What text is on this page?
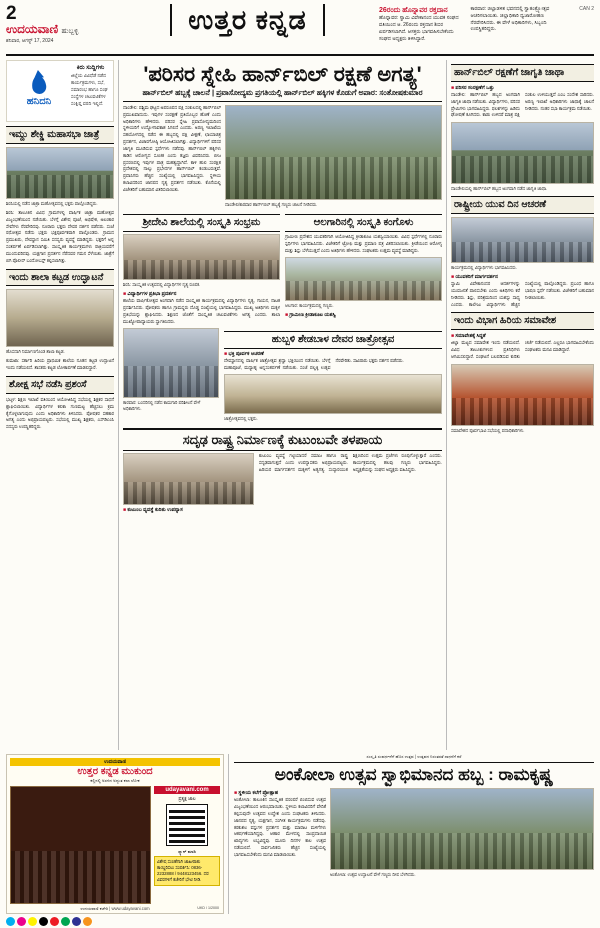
2
ಉದಯವಾಣಿ ಹುಬ್ಬಳ್ಳಿ
ಶನಿವಾರ, ಆಗಸ್ಟ್ 17, 2024
ಉತ್ತರ ಕನ್ನಡ	26ರಂದು ಹೊನ್ನಾವರ ರಕ್ತದಾನ
ಹೊನ್ನಾವರ: ಸ್ವಾಮಿ ವಿವೇಕಾನಂದ ಯುವಕ ಸಂಘದ ವತಿಯಿಂದ ಆ. 26ರಂದು ರಕ್ತದಾನ ಶಿಬಿರ ಏರ್ಪಡಿಸಲಾಗಿದೆ. ಆಸಕ್ತರು ಭಾಗವಹಿಸಬೇಕೆಂದು ಸಂಘದ ಅಧ್ಯಕ್ಷರು ತಿಳಿಸಿದ್ದಾರೆ.
ಕಾರವಾರ: ಜಿಲ್ಲಾಡಳಿತ ಭವನದಲ್ಲಿ ಸ್ವಾತಂತ್ರ್ಯೋತ್ಸವ ಆಚರಿಸಲಾಯಿತು. ಜಿಲ್ಲಾಧಿಕಾರಿ ಧ್ವಜಾರೋಹಣ ನೆರವೇರಿಸಿದರು. ಈ ವೇಳೆ ಅಧಿಕಾರಿಗಳು, ಸಿಬ್ಬಂದಿ ಉಪಸ್ಥಿತರಿದ್ದರು.
CAN 2
ಹನಿದನಿ
ಕಿರು ಸುದ್ದಿಗಳು
ಜಿಲ್ಲೆಯ ವಿವಿಧೆಡೆ ನಡೆದ ಕಾರ್ಯಕ್ರಮಗಳು, ಸಭೆ, ಸಮಾರಂಭ ಹಾಗೂ ಸಂಘ ಸಂಸ್ಥೆಗಳ ಚಟುವಟಿಕೆಗಳ ಸಂಕ್ಷಿಪ್ತ ವರದಿ ಇಲ್ಲಿದೆ.
ಇಮ್ದು ಶೇಕ್ಡಿ ಮಹಾಸಭಾ ಜಾತ್ರೆ
ಶಿರಸಿಯಲ್ಲಿ ನಡೆದ ಜಾತ್ರಾ ಮಹೋತ್ಸವದಲ್ಲಿ ಭಕ್ತರು ಪಾಲ್ಗೊಂಡಿದ್ದರು.
ಶಿರಸಿ: ತಾಲೂಕಿನ ವಿವಿಧ ಗ್ರಾಮಗಳಲ್ಲಿ ವಾರ್ಷಿಕ ಜಾತ್ರಾ ಮಹೋತ್ಸವ ವಿಜೃಂಭಣೆಯಿಂದ ನಡೆಯಿತು. ಬೆಳಗ್ಗೆ ವಿಶೇಷ ಪೂಜೆ, ಅಭಿಷೇಕ, ಅಲಂಕಾರ ಸೇವೆಗಳು ನೆರವೇರಿದವು. ನೂರಾರು ಭಕ್ತರು ದೇವರ ದರ್ಶನ ಪಡೆದರು. ಸಂಜೆ ರಥೋತ್ಸವ ನಡೆದು ಭಕ್ತರು ಭಕ್ತಿಪೂರ್ವಕವಾಗಿ ಪಾಲ್ಗೊಂಡರು. ಗ್ರಾಮದ ಪ್ರಮುಖರು, ದೇವಸ್ಥಾನ ಸಮಿತಿ ಸದಸ್ಯರು ವ್ಯವಸ್ಥೆ ಮಾಡಿದ್ದರು. ಭಕ್ತರಿಗೆ ಅನ್ನ ಸಂತರ್ಪಣೆ ಏರ್ಪಡಿಸಲಾಗಿತ್ತು. ಸಾಂಸ್ಕೃತಿಕ ಕಾರ್ಯಕ್ರಮಗಳು ರಾತ್ರಿಯವರೆಗೆ ಮುಂದುವರಿದವು. ಯಕ್ಷಗಾನ ಪ್ರದರ್ಶನ ನೆರೆದವರ ಗಮನ ಸೆಳೆಯಿತು. ಜಾತ್ರೆಗೆ ಬಿಗಿ ಪೊಲೀಸ್ ಬಂದೋಬಸ್ತ್ ಕಲ್ಪಿಸಲಾಗಿತ್ತು.
ಇಂದು ಶಾಲಾ ಕಟ್ಟಡ ಉದ್ಘಾಟನೆ
ಹೊಸದಾಗಿ ನಿರ್ಮಾಣಗೊಂಡ ಶಾಲಾ ಕಟ್ಟಡ.
ಕುಮಟಾ: ಸರ್ಕಾರಿ ಹಿರಿಯ ಪ್ರಾಥಮಿಕ ಶಾಲೆಯ ನೂತನ ಕಟ್ಟಡ ಉದ್ಘಾಟನೆ ಇಂದು ನಡೆಯಲಿದೆ. ಶಾಸಕರು ಕಟ್ಟಡ ಲೋಕಾರ್ಪಣೆ ಮಾಡಲಿದ್ದಾರೆ.
ಶೋಕ್ಷ ಸಭೆ ನಡೆಸಿ ಪ್ರಶಂಸೆ
ಭಟ್ಕಳ: ಶಿಕ್ಷಣ ಇಲಾಖೆ ವತಿಯಿಂದ ಆಯೋಜಿಸಿದ್ದ ಸಭೆಯಲ್ಲಿ ಶಿಕ್ಷಕರ ಸಾಧನೆ ಶ್ಲಾಘಿಸಲಾಯಿತು. ವಿದ್ಯಾರ್ಥಿಗಳ ಕಲಿಕಾ ಗುಣಮಟ್ಟ ಹೆಚ್ಚಿಸಲು ಕ್ರಮ ಕೈಗೊಳ್ಳಲಾಗುವುದು ಎಂದು ಅಧಿಕಾರಿಗಳು ತಿಳಿಸಿದರು. ಪೋಷಕರ ಸಹಕಾರ ಅಗತ್ಯ ಎಂದು ಅಭಿಪ್ರಾಯಪಟ್ಟರು. ಸಭೆಯಲ್ಲಿ ಮುಖ್ಯ ಶಿಕ್ಷಕರು, ಎಸ್‌ಡಿಎಂಸಿ ಸದಸ್ಯರು ಉಪಸ್ಥಿತರಿದ್ದರು.
'ಪರಿಸರ ಸ್ನೇಹಿ ಹಾರ್ನ್‌ಬಿಲ್ ರಕ್ಷಣೆ ಅಗತ್ಯ'
ಹಾರ್ನ್‌ಬಿಲ್ ಹಬ್ಬಕ್ಕೆ ಚಾಲನೆ | ಪ್ರವಾಸೋದ್ಯಮ ಪ್ರಗತಿಯಲ್ಲಿ ಹಾರ್ನ್‌ಬಿಲ್ ಹಕ್ಕಿಗಳ ಕೊಡುಗೆ ಅಪಾರ: ಸಂತೋಷಕುಮಾರ
ದಾಂಡೇಲಿ: ಪಶ್ಚಿಮ ಘಟ್ಟದ ಅಪರೂಪದ ಪಕ್ಷಿ ಸಂಕುಲದಲ್ಲಿ ಹಾರ್ನ್‌ಬಿಲ್ ಪ್ರಮುಖವಾದುದು. ಇವುಗಳ ಸಂರಕ್ಷಣೆ ಪ್ರತಿಯೊಬ್ಬರ ಹೊಣೆ ಎಂದು ಅಧಿಕಾರಿಗಳು ಹೇಳಿದರು. ಪರಿಸರ ಸ್ನೇಹಿ ಪ್ರವಾಸೋದ್ಯಮದಿಂದ ಸ್ಥಳೀಯರಿಗೆ ಉದ್ಯೋಗಾವಕಾಶ ಸಿಗಲಿದೆ ಎಂದರು. ಅರಣ್ಯ ಇಲಾಖೆಯ ಸಹಯೋಗದಲ್ಲಿ ನಡೆದ ಈ ಹಬ್ಬದಲ್ಲಿ ಪಕ್ಷಿ ವೀಕ್ಷಣೆ, ಛಾಯಾಚಿತ್ರ ಪ್ರದರ್ಶನ, ವಿಚಾರಗೋಷ್ಠಿ ಆಯೋಜಿಸಲಾಗಿತ್ತು. ವಿದ್ಯಾರ್ಥಿಗಳಿಗೆ ಪರಿಸರ ಜಾಗೃತಿ ಮೂಡಿಸುವ ಸ್ಪರ್ಧೆಗಳು ನಡೆದವು. ಹಾರ್ನ್‌ಬಿಲ್ ಹಕ್ಕಿಗಳು ಕಾಡಿನ ಆರೋಗ್ಯದ ಸೂಚಕ ಎಂದು ತಜ್ಞರು ವಿವರಿಸಿದರು. ಬೀಜ ಪ್ರಸರಣದಲ್ಲಿ ಇವುಗಳ ಪಾತ್ರ ಮಹತ್ವದ್ದಾಗಿದೆ. ಕಾಳಿ ಹುಲಿ ಸಂರಕ್ಷಿತ ಪ್ರದೇಶದಲ್ಲಿ ನಾಲ್ಕು ಪ್ರಭೇದಗಳ ಹಾರ್ನ್‌ಬಿಲ್ ಕಂಡುಬರುತ್ತವೆ. ಪ್ರವಾಸಿಗರು ಹೆಚ್ಚಿನ ಸಂಖ್ಯೆಯಲ್ಲಿ ಭಾಗವಹಿಸಿದ್ದರು. ಸ್ಥಳೀಯ ಕಲಾವಿದರಿಂದ ಜಾನಪದ ನೃತ್ಯ ಪ್ರದರ್ಶನ ನಡೆಯಿತು. ಕೊನೆಯಲ್ಲಿ ವಿಜೇತರಿಗೆ ಬಹುಮಾನ ವಿತರಿಸಲಾಯಿತು.
ದಾಂಡೇಲಿ/ಕಾರವಾರ ಹಾರ್ನ್‌ಬಿಲ್ ಹಬ್ಬಕ್ಕೆ ಗಣ್ಯರು ಚಾಲನೆ ನೀಡಿದರು.
ಶ್ರೀದೇವಿ ಶಾಲೆಯಲ್ಲಿ ಸಂಸ್ಕೃತಿ ಸಂಭ್ರಮ
ಶಿರಸಿ: ಸಾಂಸ್ಕೃತಿಕ ಉತ್ಸವದಲ್ಲಿ ವಿದ್ಯಾರ್ಥಿಗಳ ನೃತ್ಯ ರೂಪಕ.
■ ವಿದ್ಯಾರ್ಥಿಗಳ ಪ್ರತಿಭಾ ಪ್ರದರ್ಶನ
ಶಾಲೆಯ ವಾರ್ಷಿಕೋತ್ಸವ ಅಂಗವಾಗಿ ನಡೆದ ಸಾಂಸ್ಕೃತಿಕ ಕಾರ್ಯಕ್ರಮದಲ್ಲಿ ವಿದ್ಯಾರ್ಥಿಗಳು ನೃತ್ಯ, ಗಾಯನ, ನಾಟಕ ಪ್ರದರ್ಶಿಸಿದರು. ಪೋಷಕರು ಹಾಗೂ ಗ್ರಾಮಸ್ಥರು ದೊಡ್ಡ ಸಂಖ್ಯೆಯಲ್ಲಿ ಭಾಗವಹಿಸಿದ್ದರು. ಮುಖ್ಯ ಅತಿಥಿಗಳು ಮಕ್ಕಳ ಪ್ರತಿಭೆಯನ್ನು ಶ್ಲಾಘಿಸಿದರು. ಶಿಕ್ಷಣದ ಜೊತೆಗೆ ಸಾಂಸ್ಕೃತಿಕ ಚಟುವಟಿಕೆಗಳು ಅಗತ್ಯ ಎಂದರು. ಶಾಲಾ ಮುಖ್ಯೋಪಾಧ್ಯಾಯರು ಸ್ವಾಗತಿಸಿದರು.
ಆಲಗಾರಿನಲ್ಲಿ ಸಂಸ್ಕೃತಿ ಕಂಗೊಳು
ಗ್ರಾಮೀಣ ಪ್ರದೇಶದ ಯುವಕರಿಗಾಗಿ ಆಯೋಜಿಸಿದ್ದ ಕ್ರೀಡಾಕೂಟ ಯಶಸ್ವಿಯಾಯಿತು. ವಿವಿಧ ಸ್ಪರ್ಧೆಗಳಲ್ಲಿ ನೂರಾರು ಸ್ಪರ್ಧಿಗಳು ಭಾಗವಹಿಸಿದರು. ವಿಜೇತರಿಗೆ ಟ್ರೋಫಿ ಮತ್ತು ಪ್ರಮಾಣ ಪತ್ರ ವಿತರಿಸಲಾಯಿತು. ಕ್ರೀಡೆಯಿಂದ ಆರೋಗ್ಯ ಮತ್ತು ಶಿಸ್ತು ಬೆಳೆಯುತ್ತದೆ ಎಂದು ಅತಿಥಿಗಳು ಹೇಳಿದರು. ಸಂಘಟಕರು ಉತ್ತಮ ವ್ಯವಸ್ಥೆ ಮಾಡಿದ್ದರು.
ಆಲಗಾರ: ಕಾರ್ಯಕ್ರಮದಲ್ಲಿ ಗಣ್ಯರು.
■ ಗ್ರಾಮೀಣ ಕ್ರೀಡಾಕೂಟ ಯಶಸ್ವಿ
ಕಾರವಾರ: ಬಂದರಿನಲ್ಲಿ ನಡೆದ ಕಾಮಗಾರಿ ಪರಿಶೀಲನೆ ವೇಳೆ ಅಧಿಕಾರಿಗಳು.
ಹುಬ್ಬಳಿ ಶೇಡಬಾಳ ದೇವರ ಜಾತ್ರೋತ್ಸವ
■ ಭಕ್ತಿ ಪೂರ್ವಕ ಆಚರಣೆ
ದೇವಸ್ಥಾನದಲ್ಲಿ ವಾರ್ಷಿಕ ಜಾತ್ರೋತ್ಸವ ಶ್ರದ್ಧಾ ಭಕ್ತಿಯಿಂದ ನಡೆಯಿತು. ಬೆಳಗ್ಗೆ ಮಹಾಪೂಜೆ, ಮಧ್ಯಾಹ್ನ ಅನ್ನಸಂತರ್ಪಣೆ ನಡೆಯಿತು. ಸಂಜೆ ಪಲ್ಲಕ್ಕಿ ಉತ್ಸವ ನೆರವೇರಿತು. ಸಾವಿರಾರು ಭಕ್ತರು ದರ್ಶನ ಪಡೆದರು.
ಜಾತ್ರೋತ್ಸವದಲ್ಲಿ ಭಕ್ತರು.
ಸದೃಢ ರಾಷ್ಟ್ರ ನಿರ್ಮಾಣಕ್ಕೆ ಕುಟುಂಬವೇ ತಳಪಾಯ
■ ಕುಟುಂಬ ವ್ಯವಸ್ಥೆ ಕುರಿತು ಉಪನ್ಯಾಸ
ಕುಟುಂಬ ವ್ಯವಸ್ಥೆ ಗಟ್ಟಿಯಾದರೆ ಸಮಾಜ ಹಾಗೂ ರಾಷ್ಟ್ರ ಸದೃಢವಾಗುತ್ತದೆ ಎಂದು ಉಪನ್ಯಾಸಕರು ಅಭಿಪ್ರಾಯಪಟ್ಟರು. ಹಿರಿಯರ ಮಾರ್ಗದರ್ಶನ ಮಕ್ಕಳಿಗೆ ಅತ್ಯಗತ್ಯ. ಸಂಸ್ಕಾರಯುತ ಶಿಕ್ಷಣದಿಂದ ಉತ್ತಮ ಪ್ರಜೆಗಳು ರೂಪುಗೊಳ್ಳುತ್ತಾರೆ ಎಂದರು. ಕಾರ್ಯಕ್ರಮದಲ್ಲಿ ಹಲವು ಗಣ್ಯರು ಭಾಗವಹಿಸಿದ್ದರು. ಅಧ್ಯಕ್ಷತೆಯನ್ನು ಸಂಘದ ಅಧ್ಯಕ್ಷರು ವಹಿಸಿದ್ದರು.
ಹಾರ್ನ್‌ಬಿಲ್ ರಕ್ಷಣೆಗೆ ಜಾಗೃತಿ ಜಾಥಾ
■ ಪರಿಸರ ಸಂರಕ್ಷಣೆಗೆ ಒತ್ತು
ದಾಂಡೇಲಿ: ಹಾರ್ನ್‌ಬಿಲ್ ಹಬ್ಬದ ಅಂಗವಾಗಿ ಜಾಗೃತಿ ಜಾಥಾ ನಡೆಯಿತು. ವಿದ್ಯಾರ್ಥಿಗಳು, ಪರಿಸರ ಪ್ರೇಮಿಗಳು ಭಾಗವಹಿಸಿದ್ದರು. ಫಲಕಗಳನ್ನು ಹಿಡಿದು ಘೋಷಣೆ ಕೂಗಿದರು. ಕಾಡು ಉಳಿದರೆ ಮಾತ್ರ ಪಕ್ಷಿ ಸಂಕುಲ ಉಳಿಯುತ್ತದೆ ಎಂಬ ಸಂದೇಶ ಸಾರಿದರು. ಅರಣ್ಯ ಇಲಾಖೆ ಅಧಿಕಾರಿಗಳು ಜಾಥಾಕ್ಕೆ ಚಾಲನೆ ನೀಡಿದರು. ನಂತರ ಸಭಾ ಕಾರ್ಯಕ್ರಮ ನಡೆಯಿತು.
ದಾಂಡೇಲಿಯಲ್ಲಿ ಹಾರ್ನ್‌ಬಿಲ್ ಹಬ್ಬದ ಅಂಗವಾಗಿ ನಡೆದ ಜಾಗೃತಿ ಜಾಥಾ.
ರಾಷ್ಟ್ರೀಯ ಯುವ ದಿನ ಆಚರಣೆ
ಕಾರ್ಯಕ್ರಮದಲ್ಲಿ ವಿದ್ಯಾರ್ಥಿಗಳು ಭಾಗವಹಿಸಿದರು.
■ ಯುವಕರಿಗೆ ಮಾರ್ಗದರ್ಶನ
ಸ್ವಾಮಿ ವಿವೇಕಾನಂದರ ಆದರ್ಶಗಳನ್ನು ಯುವಜನತೆ ಪಾಲಿಸಬೇಕು ಎಂದು ಅತಿಥಿಗಳು ಕರೆ ನೀಡಿದರು. ಶಿಸ್ತು, ಪರಿಶ್ರಮದಿಂದ ಯಶಸ್ಸು ಸಾಧ್ಯ ಎಂದರು. ಕಾಲೇಜು ವಿದ್ಯಾರ್ಥಿಗಳು ಹೆಚ್ಚಿನ ಸಂಖ್ಯೆಯಲ್ಲಿ ಪಾಲ್ಗೊಂಡಿದ್ದರು. ಪ್ರಬಂಧ ಹಾಗೂ ಭಾಷಣ ಸ್ಪರ್ಧೆ ನಡೆಯಿತು. ವಿಜೇತರಿಗೆ ಬಹುಮಾನ ನೀಡಲಾಯಿತು.
ಇಂದು ವಿಭಾಗ ಹಿರಿಯ ಸಮಾವೇಶ
■ ಸಮಾವೇಶಕ್ಕೆ ಸಿದ್ಧತೆ
ಜಿಲ್ಲಾ ಮಟ್ಟದ ಸಮಾವೇಶ ಇಂದು ನಡೆಯಲಿದೆ. ವಿವಿಧ ತಾಲೂಕುಗಳಿಂದ ಪ್ರತಿನಿಧಿಗಳು ಆಗಮಿಸಲಿದ್ದಾರೆ. ಸಂಘಟನೆ ಬಲಪಡಿಸುವ ಕುರಿತು ಚರ್ಚೆ ನಡೆಯಲಿದೆ. ಎಲ್ಲರೂ ಭಾಗವಹಿಸಬೇಕೆಂದು ಸಂಘಟಕರು ಮನವಿ ಮಾಡಿದ್ದಾರೆ.
ಸಮಾವೇಶದ ಪೂರ್ವಭಾವಿ ಸಭೆಯಲ್ಲಿ ಪದಾಧಿಕಾರಿಗಳು.
ಉದಯವಾಣಿ
ಉತ್ತರ ಕನ್ನಡ ಮುಕುಂದ
ಕಲ್ಲಿನಲ್ಲಿ ಅರಳಿದ ಅದ್ಭುತ ಕಲಾ ಲೋಕ
udayavani.com
ಪ್ರತ್ಯಕ್ಷ ಜಾಲ
ಸ್ಕ್ಯಾನ್ ಮಾಡಿ
ವಿಶೇಷ ಸಂಚಿಕೆಗಾಗಿ ಜಾಹೀರಾತು ಕಾಯ್ದಿರಿಸಲು ಸಂಪರ್ಕಿಸಿ: 0836-2232888 / 9448123456. ದರ ವಿವರಗಳಿಗೆ ಕಚೇರಿಗೆ ಭೇಟಿ ನೀಡಿ.
ಉದಯವಾಣಿ ಕಚೇರಿ | www.udayavani.com	UKD / 1/2000
ಸಂಸ್ಕೃತಿ ಸಂವರ್ಧನೆಗೆ ಹೊಸ ಉತ್ಸವ | ಉತ್ಸವದ ನಿರಂತರತೆ ಸಾಧನೆಗೆ ಕರೆ
ಅಂಕೋಲಾ ಉತ್ಸವ ಸ್ವಾಭಿಮಾನದ ಹಬ್ಬ : ರಾಮಕೃಷ್ಣ
■ ಸ್ಥಳೀಯ ಕಲೆಗೆ ಪ್ರೋತ್ಸಾಹ
ಅಂಕೋಲಾ: ತಾಲೂಕಿನ ಸಾಂಸ್ಕೃತಿಕ ಪರಂಪರೆ ಬಿಂಬಿಸುವ ಉತ್ಸವ ವಿಜೃಂಭಣೆಯಿಂದ ಆರಂಭವಾಯಿತು. ಸ್ಥಳೀಯ ಕಲಾವಿದರಿಗೆ ವೇದಿಕೆ ಕಲ್ಪಿಸುವುದೇ ಉತ್ಸವದ ಉದ್ದೇಶ ಎಂದು ಸಂಘಟಕರು ತಿಳಿಸಿದರು. ಜಾನಪದ ನೃತ್ಯ, ಯಕ್ಷಗಾನ, ಸಂಗೀತ ಕಾರ್ಯಕ್ರಮಗಳು ನಡೆದವು. ಕರಕುಶಲ ವಸ್ತುಗಳ ಪ್ರದರ್ಶನ ಮತ್ತು ಮಾರಾಟ ಮಳಿಗೆಗಳು ಆಕರ್ಷಣೆಯಾಗಿದ್ದವು. ಆಹಾರ ಮೇಳದಲ್ಲಿ ಸಾಂಪ್ರದಾಯಿಕ ಖಾದ್ಯಗಳು ಲಭ್ಯವಿದ್ದವು. ಮೂರು ದಿನಗಳ ಕಾಲ ಉತ್ಸವ ನಡೆಯಲಿದೆ. ಸಾರ್ವಜನಿಕರು ಹೆಚ್ಚಿನ ಸಂಖ್ಯೆಯಲ್ಲಿ ಭಾಗವಹಿಸಬೇಕೆಂದು ಮನವಿ ಮಾಡಲಾಯಿತು.
ಅಂಕೋಲಾ: ಉತ್ಸವ ಉದ್ಘಾಟನೆ ವೇಳೆ ಗಣ್ಯರು ದೀಪ ಬೆಳಗಿದರು.
